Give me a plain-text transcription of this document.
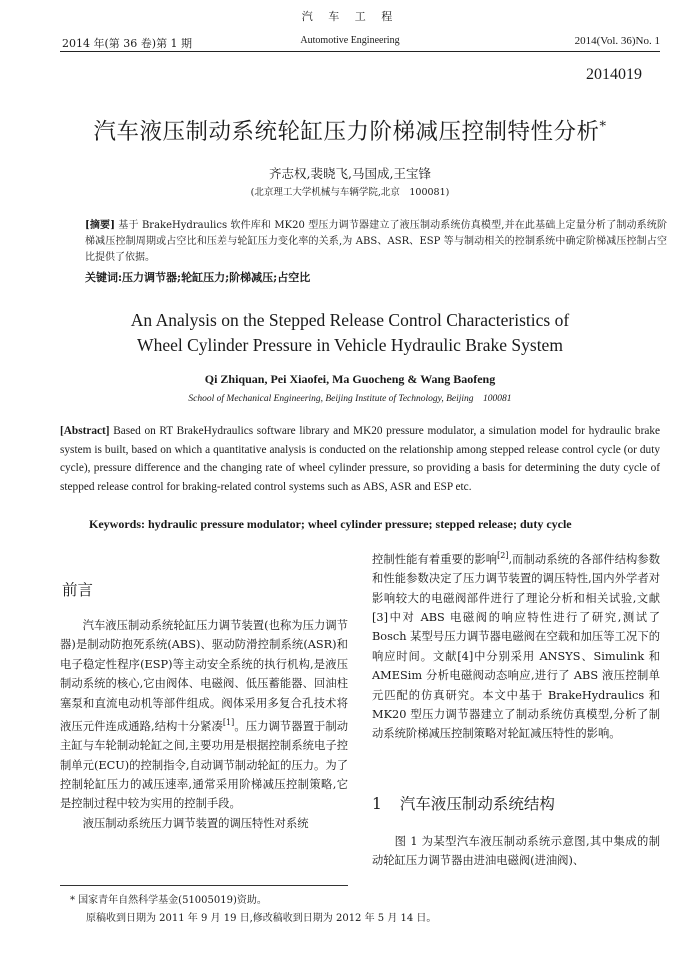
汽 车 工 程
2014 年(第 36 卷)第 1 期	Automotive Engineering	2014(Vol. 36)No. 1
2014019
汽车液压制动系统轮缸压力阶梯减压控制特性分析*
齐志权,裴晓飞,马国成,王宝锋
(北京理工大学机械与车辆学院,北京　100081)
[摘要] 基于 BrakeHydraulics 软件库和 MK20 型压力调节器建立了液压制动系统仿真模型,并在此基础上定量分析了制动系统阶梯减压控制周期或占空比和压差与轮缸压力变化率的关系,为 ABS、ASR、ESP 等与制动相关的控制系统中确定阶梯减压控制占空比提供了依据。
关键词:压力调节器;轮缸压力;阶梯减压;占空比
An Analysis on the Stepped Release Control Characteristics of
Wheel Cylinder Pressure in Vehicle Hydraulic Brake System
Qi Zhiquan, Pei Xiaofei, Ma Guocheng & Wang Baofeng
School of Mechanical Engineering, Beijing Institute of Technology, Beijing　100081
[Abstract] Based on RT BrakeHydraulics software library and MK20 pressure modulator, a simulation model for hydraulic brake system is built, based on which a quantitative analysis is conducted on the relationship among stepped release control cycle (or duty cycle), pressure difference and the changing rate of wheel cylinder pressure, so providing a basis for determining the duty cycle of stepped release control for braking-related control systems such as ABS, ASR and ESP etc.
Keywords: hydraulic pressure modulator; wheel cylinder pressure; stepped release; duty cycle
前言

汽车液压制动系统轮缸压力调节装置(也称为压力调节器)是制动防抱死系统(ABS)、驱动防滑控制系统(ASR)和电子稳定性程序(ESP)等主动安全系统的执行机构,是液压制动系统的核心,它由阀体、电磁阀、低压蓄能器、回油柱塞泵和直流电动机等部件组成。阀体采用多复合孔技术将液压元件连成通路,结构十分紧凑[1]。压力调节器置于制动主缸与车轮制动轮缸之间,主要功用是根据控制系统电子控制单元(ECU)的控制指令,自动调节制动轮缸的压力。为了控制轮缸压力的减压速率,通常采用阶梯减压控制策略,它是控制过程中较为实用的控制手段。

液压制动系统压力调节装置的调压特性对系统

控制性能有着重要的影响[2],而制动系统的各部件结构参数和性能参数决定了压力调节装置的调压特性,国内外学者对影响较大的电磁阀部件进行了理论分析和相关试验,文献[3]中对 ABS 电磁阀的响应特性进行了研究,测试了 Bosch 某型号压力调节器电磁阀在空载和加压等工况下的响应时间。文献[4]中分别采用 ANSYS、Simulink 和 AMESim 分析电磁阀动态响应,进行了 ABS 液压控制单元匹配的仿真研究。本文中基于 BrakeHydraulics 和 MK20 型压力调节器建立了制动系统仿真模型,分析了制动系统阶梯减压控制策略对轮缸减压特性的影响。

1 汽车液压制动系统结构

图 1 为某型汽车液压制动系统示意图,其中集成的制动轮缸压力调节器由进油电磁阀(进油阀)、

* 国家青年自然科学基金(51005019)资助。
原稿收到日期为 2011 年 9 月 19 日,修改稿收到日期为 2012 年 5 月 14 日。
